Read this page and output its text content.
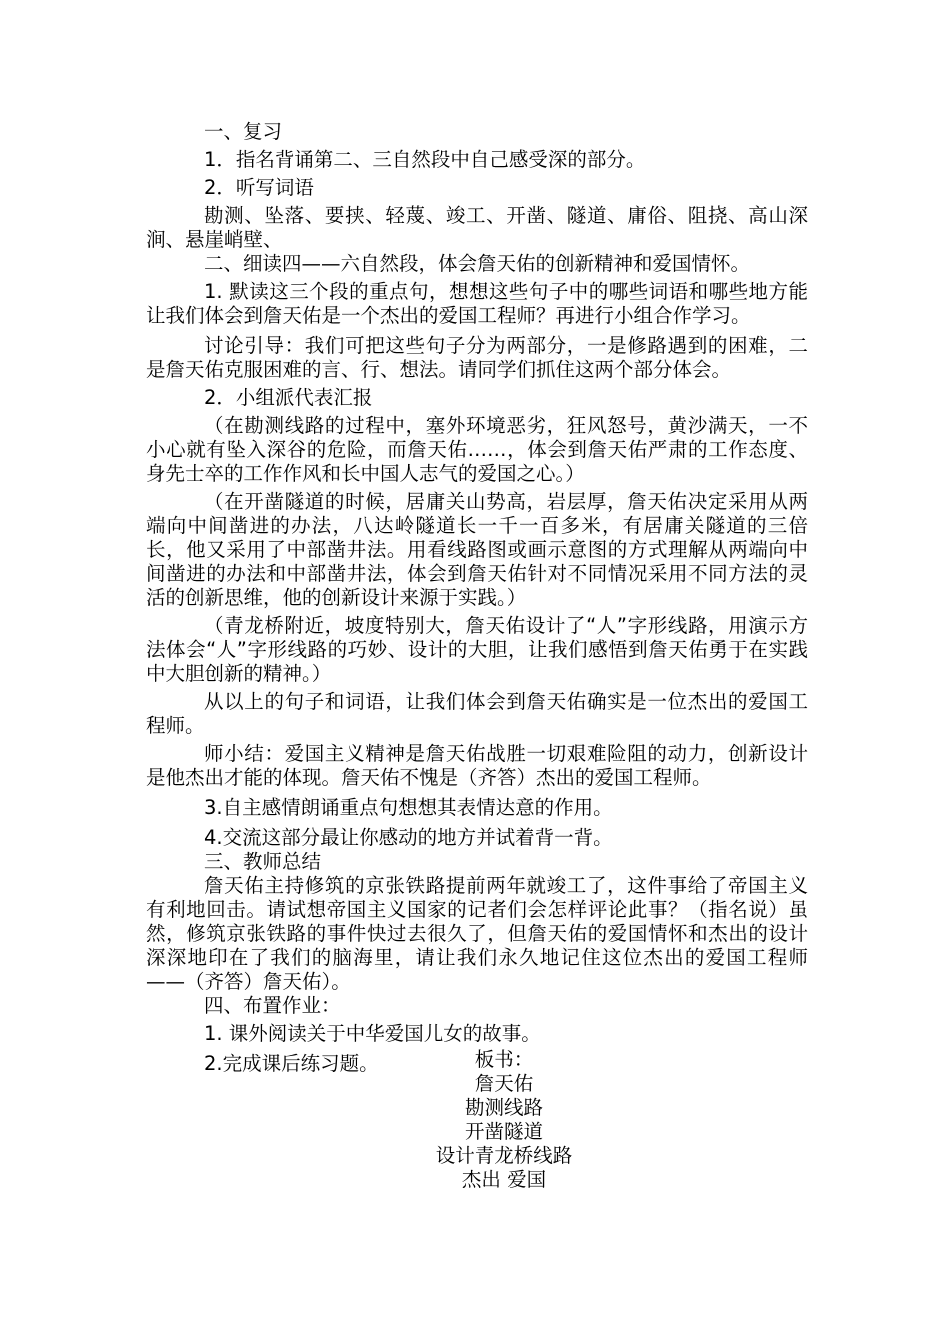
一、复习

1．指名背诵第二、三自然段中自己感受深的部分。

2．听写词语

勘测、坠落、要挟、轻蔑、竣工、开凿、隧道、庸俗、阻挠、高山深涧、悬崖峭壁、

二、细读四——六自然段，体会詹天佑的创新精神和爱国情怀。

1. 默读这三个段的重点句，想想这些句子中的哪些词语和哪些地方能让我们体会到詹天佑是一个杰出的爱国工程师？再进行小组合作学习。

讨论引导：我们可把这些句子分为两部分，一是修路遇到的困难，二是詹天佑克服困难的言、行、想法。请同学们抓住这两个部分体会。

2．小组派代表汇报

（在勘测线路的过程中，塞外环境恶劣，狂风怒号，黄沙满天，一不小心就有坠入深谷的危险，而詹天佑……，体会到詹天佑严肃的工作态度、身先士卒的工作作风和长中国人志气的爱国之心。）

（在开凿隧道的时候，居庸关山势高，岩层厚，詹天佑决定采用从两端向中间凿进的办法，八达岭隧道长一千一百多米，有居庸关隧道的三倍长，他又采用了中部凿井法。用看线路图或画示意图的方式理解从两端向中间凿进的办法和中部凿井法，体会到詹天佑针对不同情况采用不同方法的灵活的创新思维，他的创新设计来源于实践。）

（青龙桥附近，坡度特别大，詹天佑设计了“人”字形线路，用演示方法体会“人”字形线路的巧妙、设计的大胆，让我们感悟到詹天佑勇于在实践中大胆创新的精神。）

从以上的句子和词语，让我们体会到詹天佑确实是一位杰出的爱国工程师。

师小结：爱国主义精神是詹天佑战胜一切艰难险阻的动力，创新设计是他杰出才能的体现。詹天佑不愧是（齐答）杰出的爱国工程师。

3.自主感情朗诵重点句想想其表情达意的作用。

4.交流这部分最让你感动的地方并试着背一背。

三、教师总结

詹天佑主持修筑的京张铁路提前两年就竣工了，这件事给了帝国主义有利地回击。请试想帝国主义国家的记者们会怎样评论此事？（指名说）虽然，修筑京张铁路的事件快过去很久了，但詹天佑的爱国情怀和杰出的设计深深地印在了我们的脑海里，请让我们永久地记住这位杰出的爱国工程师——（齐答）詹天佑）。

四、布置作业：

1. 课外阅读关于中华爱国儿女的故事。

2.完成课后练习题。	板书：
詹天佑
勘测线路
开凿隧道
设计青龙桥线路
杰出 爱国
